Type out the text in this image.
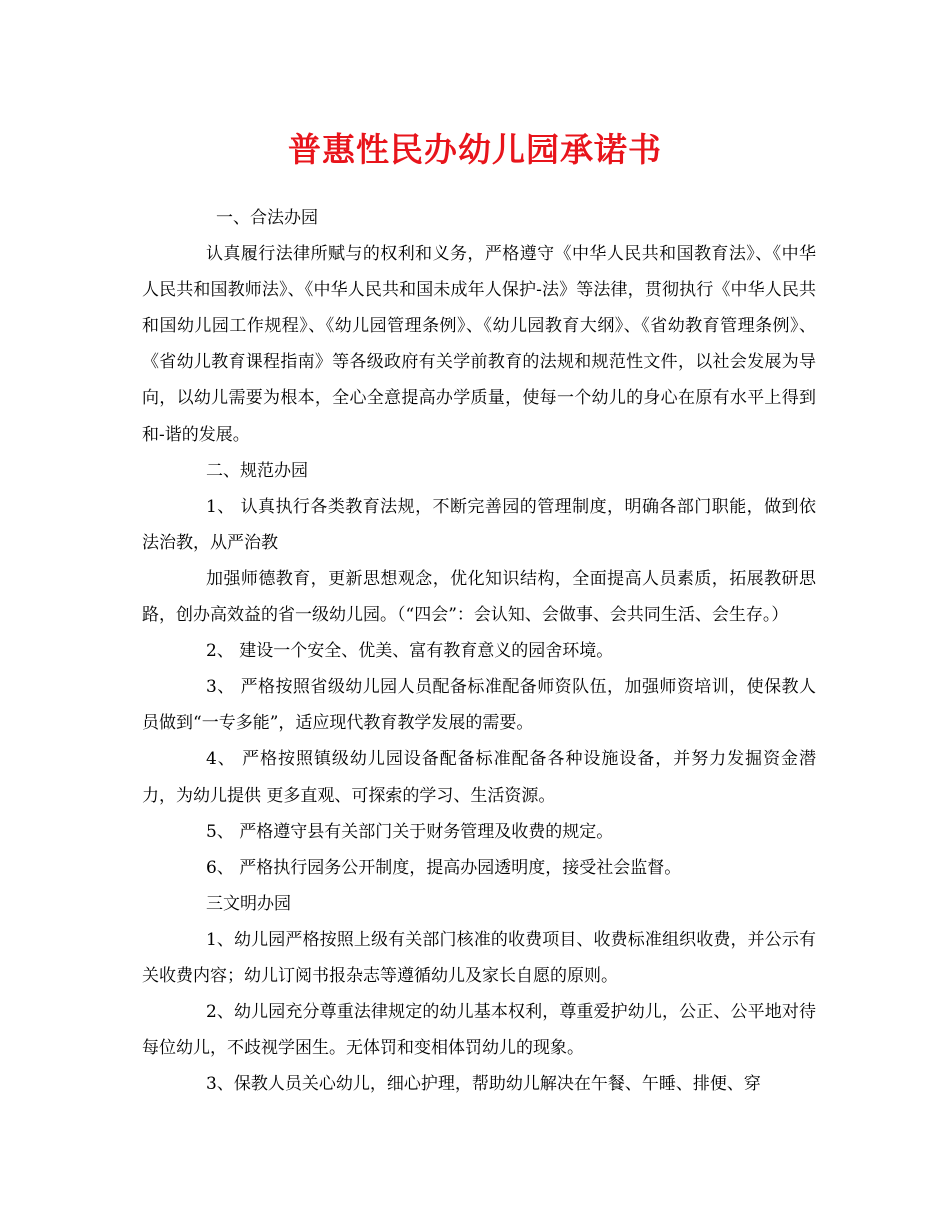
普惠性民办幼儿园承诺书

一、合法办园

认真履行法律所赋与的权利和义务，严格遵守《中华人民共和国教育法》、《中华人民共和国教师法》、《中华人民共和国未成年人保护-法》等法律，贯彻执行《中华人民共和国幼儿园工作规程》、《幼儿园管理条例》、《幼儿园教育大纲》、《省幼教育管理条例》、《省幼儿教育课程指南》等各级政府有关学前教育的法规和规范性文件，以社会发展为导向，以幼儿需要为根本，全心全意提高办学质量，使每一个幼儿的身心在原有水平上得到和-谐的发展。

二、规范办园

1、 认真执行各类教育法规，不断完善园的管理制度，明确各部门职能，做到依法治教，从严治教

加强师德教育，更新思想观念，优化知识结构，全面提高人员素质，拓展教研思路，创办高效益的省一级幼儿园。（“四会”：会认知、会做事、会共同生活、会生存。）

2、 建设一个安全、优美、富有教育意义的园舍环境。

3、 严格按照省级幼儿园人员配备标准配备师资队伍，加强师资培训，使保教人员做到“一专多能”，适应现代教育教学发展的需要。

4、 严格按照镇级幼儿园设备配备标准配备各种设施设备，并努力发掘资金潜力，为幼儿提供 更多直观、可探索的学习、生活资源。

5、 严格遵守县有关部门关于财务管理及收费的规定。

6、 严格执行园务公开制度，提高办园透明度，接受社会监督。

三文明办园

1、幼儿园严格按照上级有关部门核准的收费项目、收费标准组织收费，并公示有关收费内容；幼儿订阅书报杂志等遵循幼儿及家长自愿的原则。

2、幼儿园充分尊重法律规定的幼儿基本权利，尊重爱护幼儿，公正、公平地对待每位幼儿，不歧视学困生。无体罚和变相体罚幼儿的现象。

3、保教人员关心幼儿，细心护理，帮助幼儿解决在午餐、午睡、排便、穿
